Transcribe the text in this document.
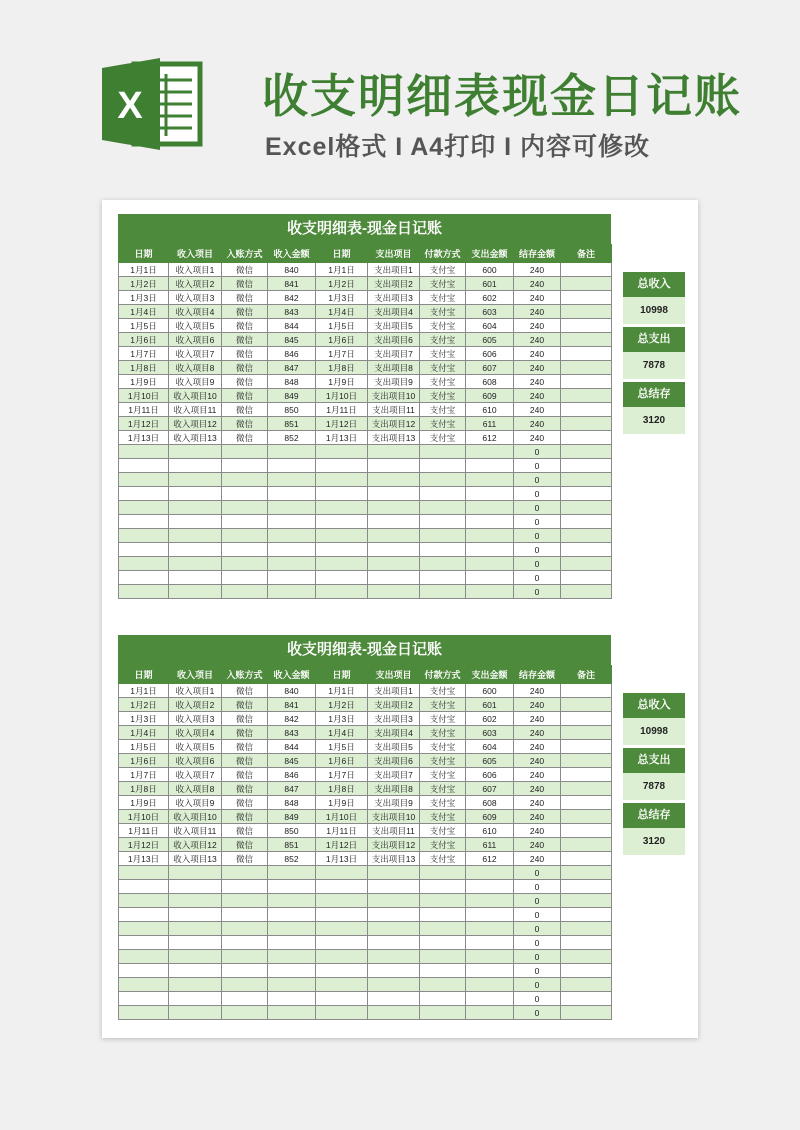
X	收支明细表现金日记账

Excel格式 I A4打印 I 内容可修改

收支明细表-现金日记账
日期	收入项目	入账方式	收入金额	日期	支出项目	付款方式	支出金额	结存金额	备注
1月1日	收入项目1	微信	840	1月1日	支出项目1	支付宝	600	240	
1月2日	收入项目2	微信	841	1月2日	支出项目2	支付宝	601	240	
1月3日	收入项目3	微信	842	1月3日	支出项目3	支付宝	602	240	
1月4日	收入项目4	微信	843	1月4日	支出项目4	支付宝	603	240	
1月5日	收入项目5	微信	844	1月5日	支出项目5	支付宝	604	240	
1月6日	收入项目6	微信	845	1月6日	支出项目6	支付宝	605	240	
1月7日	收入项目7	微信	846	1月7日	支出项目7	支付宝	606	240	
1月8日	收入项目8	微信	847	1月8日	支出项目8	支付宝	607	240	
1月9日	收入项目9	微信	848	1月9日	支出项目9	支付宝	608	240	
1月10日	收入项目10	微信	849	1月10日	支出项目10	支付宝	609	240	
1月11日	收入项目11	微信	850	1月11日	支出项目11	支付宝	610	240	
1月12日	收入项目12	微信	851	1月12日	支出项目12	支付宝	611	240	
1月13日	收入项目13	微信	852	1月13日	支出项目13	支付宝	612	240	
								0	
								0	
								0	
								0	
								0	
								0	
								0	
								0	
								0	
								0	
								0	
总收入
10998
总支出
7878
总结存
3120
收支明细表-现金日记账
日期	收入项目	入账方式	收入金额	日期	支出项目	付款方式	支出金额	结存金额	备注
1月1日	收入项目1	微信	840	1月1日	支出项目1	支付宝	600	240	
1月2日	收入项目2	微信	841	1月2日	支出项目2	支付宝	601	240	
1月3日	收入项目3	微信	842	1月3日	支出项目3	支付宝	602	240	
1月4日	收入项目4	微信	843	1月4日	支出项目4	支付宝	603	240	
1月5日	收入项目5	微信	844	1月5日	支出项目5	支付宝	604	240	
1月6日	收入项目6	微信	845	1月6日	支出项目6	支付宝	605	240	
1月7日	收入项目7	微信	846	1月7日	支出项目7	支付宝	606	240	
1月8日	收入项目8	微信	847	1月8日	支出项目8	支付宝	607	240	
1月9日	收入项目9	微信	848	1月9日	支出项目9	支付宝	608	240	
1月10日	收入项目10	微信	849	1月10日	支出项目10	支付宝	609	240	
1月11日	收入项目11	微信	850	1月11日	支出项目11	支付宝	610	240	
1月12日	收入项目12	微信	851	1月12日	支出项目12	支付宝	611	240	
1月13日	收入项目13	微信	852	1月13日	支出项目13	支付宝	612	240	
								0	
								0	
								0	
								0	
								0	
								0	
								0	
								0	
								0	
								0	
								0	
总收入
10998
总支出
7878
总结存
3120
